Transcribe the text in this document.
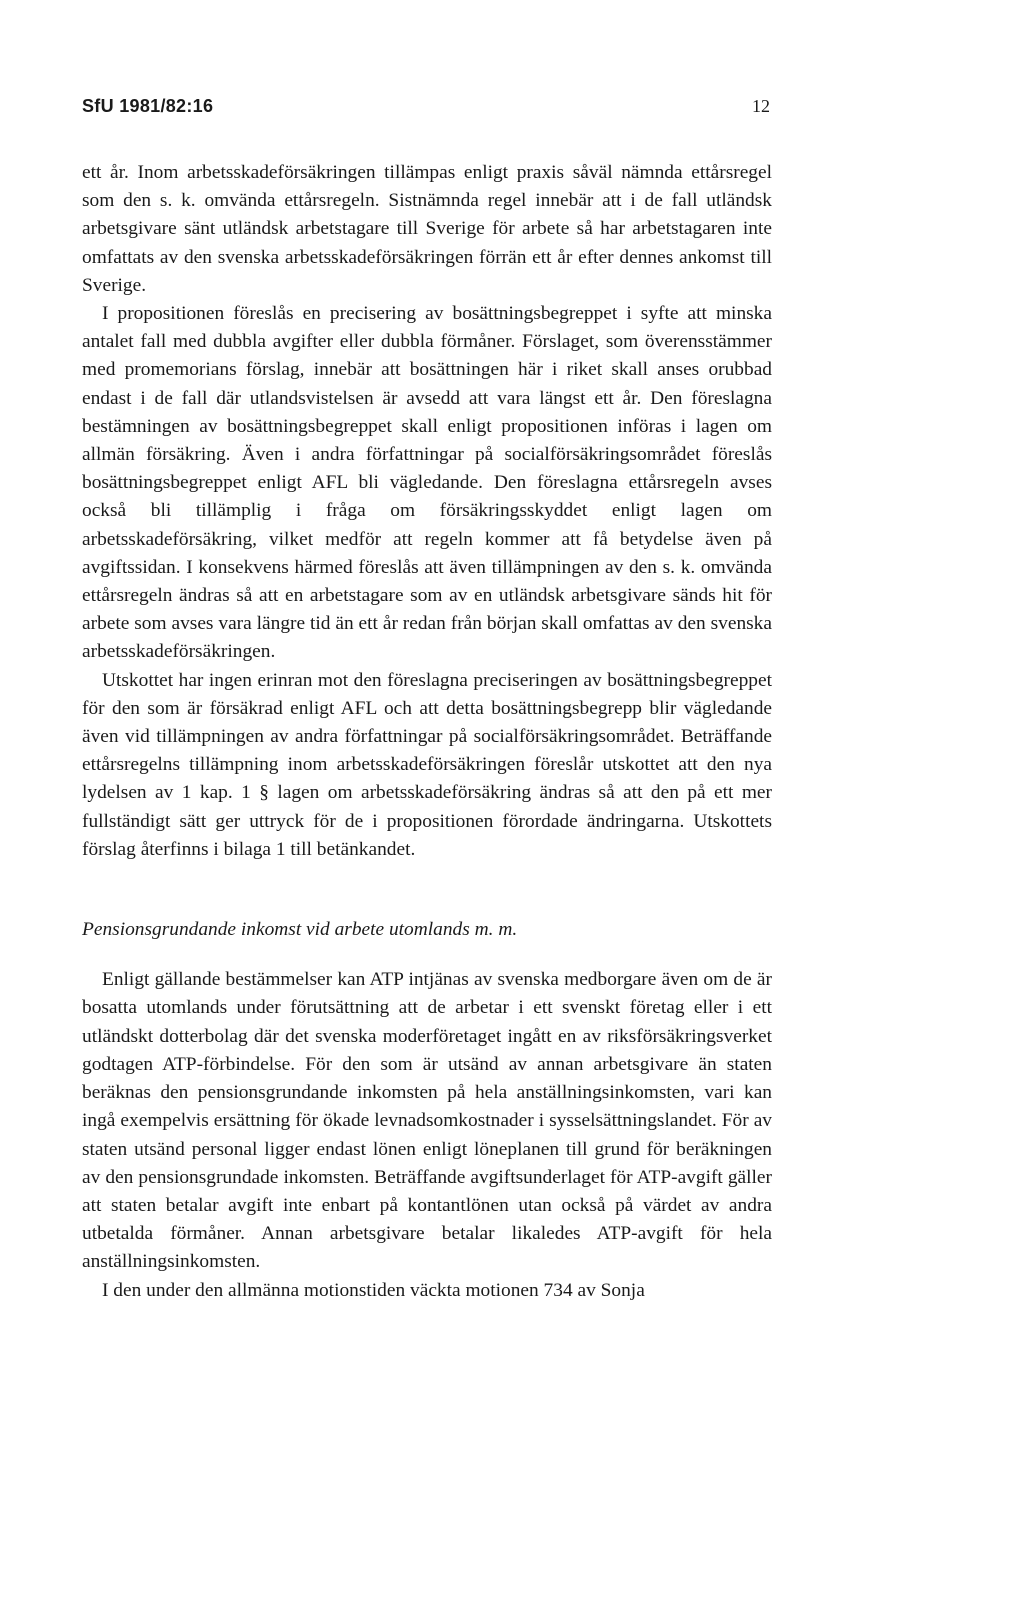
SfU 1981/82:16	12

ett år. Inom arbetsskadeförsäkringen tillämpas enligt praxis såväl nämnda ettårsregel som den s. k. omvända ettårsregeln. Sistnämnda regel innebär att i de fall utländsk arbetsgivare sänt utländsk arbetstagare till Sverige för arbete så har arbetstagaren inte omfattats av den svenska arbetsskadeförsäkringen förrän ett år efter dennes ankomst till Sverige.

I propositionen föreslås en precisering av bosättningsbegreppet i syfte att minska antalet fall med dubbla avgifter eller dubbla förmåner. Förslaget, som överensstämmer med promemorians förslag, innebär att bosättningen här i riket skall anses orubbad endast i de fall där utlandsvistelsen är avsedd att vara längst ett år. Den föreslagna bestämningen av bosättningsbegreppet skall enligt propositionen införas i lagen om allmän försäkring. Även i andra författningar på socialförsäkringsområdet föreslås bosättningsbegreppet enligt AFL bli vägledande. Den föreslagna ettårsregeln avses också bli tillämplig i fråga om försäkringsskyddet enligt lagen om arbetsskadeförsäkring, vilket medför att regeln kommer att få betydelse även på avgiftssidan. I konsekvens härmed föreslås att även tillämpningen av den s. k. omvända ettårsregeln ändras så att en arbetstagare som av en utländsk arbetsgivare sänds hit för arbete som avses vara längre tid än ett år redan från början skall omfattas av den svenska arbetsskadeförsäkringen.

Utskottet har ingen erinran mot den föreslagna preciseringen av bosättningsbegreppet för den som är försäkrad enligt AFL och att detta bosättningsbegrepp blir vägledande även vid tillämpningen av andra författningar på socialförsäkringsområdet. Beträffande ettårsregelns tillämpning inom arbetsskadeförsäkringen föreslår utskottet att den nya lydelsen av 1 kap. 1 § lagen om arbetsskadeförsäkring ändras så att den på ett mer fullständigt sätt ger uttryck för de i propositionen förordade ändringarna. Utskottets förslag återfinns i bilaga 1 till betänkandet.

Pensionsgrundande inkomst vid arbete utomlands m. m.

Enligt gällande bestämmelser kan ATP intjänas av svenska medborgare även om de är bosatta utomlands under förutsättning att de arbetar i ett svenskt företag eller i ett utländskt dotterbolag där det svenska moderföretaget ingått en av riksförsäkringsverket godtagen ATP-förbindelse. För den som är utsänd av annan arbetsgivare än staten beräknas den pensionsgrundande inkomsten på hela anställningsinkomsten, vari kan ingå exempelvis ersättning för ökade levnadsomkostnader i sysselsättningslandet. För av staten utsänd personal ligger endast lönen enligt löneplanen till grund för beräkningen av den pensionsgrundade inkomsten. Beträffande avgiftsunderlaget för ATP-avgift gäller att staten betalar avgift inte enbart på kontantlönen utan också på värdet av andra utbetalda förmåner. Annan arbetsgivare betalar likaledes ATP-avgift för hela anställningsinkomsten.

I den under den allmänna motionstiden väckta motionen 734 av Sonja
